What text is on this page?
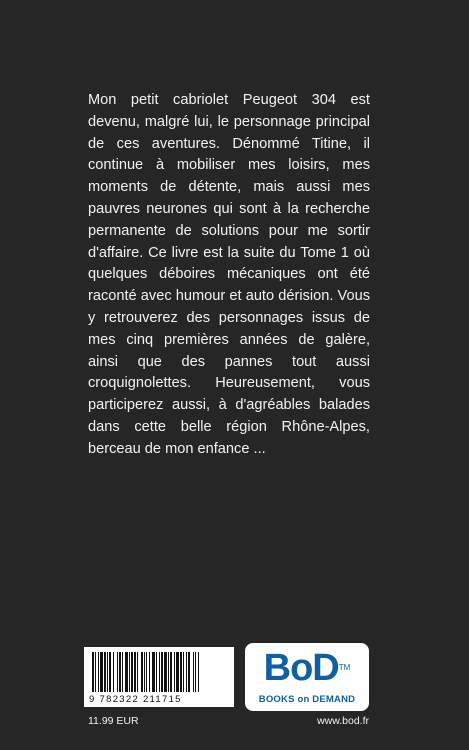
Mon petit cabriolet Peugeot 304 est devenu, malgré lui, le personnage principal de ces aventures. Dénommé Titine, il continue à mobiliser mes loisirs, mes moments de détente, mais aussi mes pauvres neurones qui sont à la recherche permanente de solutions pour me sortir d'affaire. Ce livre est la suite du Tome 1 où quelques déboires mécaniques ont été raconté avec humour et auto dérision. Vous y retrouverez des personnages issus de mes cinq premières années de galère, ainsi que des pannes tout aussi croquignolettes. Heureusement, vous participerez aussi, à d'agréables balades dans cette belle région Rhône-Alpes, berceau de mon enfance ...

9 782322 211715
BoD™
BOOKS on DEMAND
11.99 EUR	www.bod.fr
